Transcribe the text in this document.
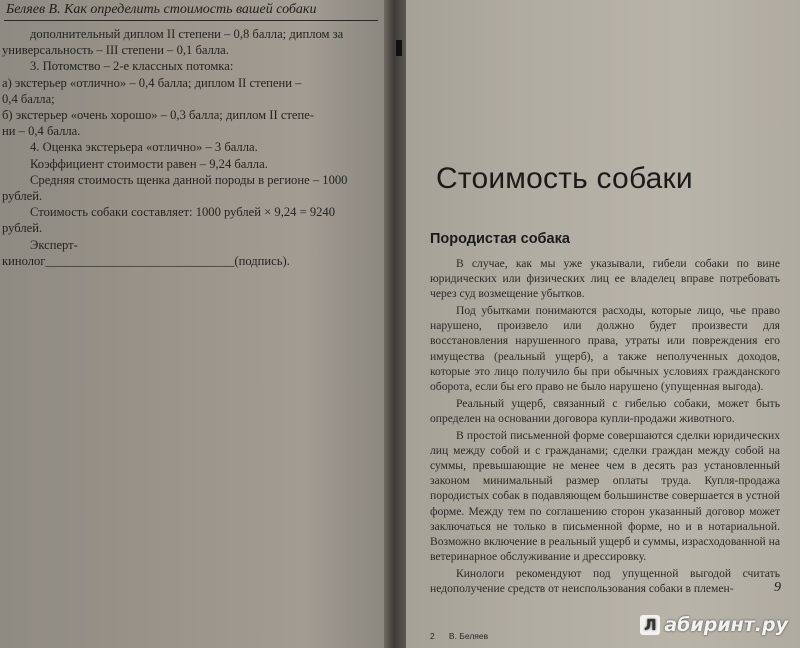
Беляев В. Как определить стоимость вашей собаки

дополнительный диплом II степени – 0,8 балла; диплом за

универсальность – III степени – 0,1 балла.

3. Потомство – 2-е классных потомка:

а) экстерьер «отлично» – 0,4 балла; диплом II степени –

0,4 балла;

б) экстерьер «очень хорошо» – 0,3 балла; диплом II степе-

ни – 0,4 балла.

4. Оценка экстерьера «отлично» – 3 балла.

Коэффициент стоимости равен – 9,24 балла.

Средняя стоимость щенка данной породы в регионе – 1000

рублей.

Стоимость собаки составляет: 1000 рублей × 9,24 = 9240

рублей.

Эксперт-кинолог______________________________(подпись).

Стоимость собаки
Породистая собака

В случае, как мы уже указывали, гибели собаки по вине юридических или физических лиц ее владелец вправе потребовать через суд возмещение убытков.

Под убытками понимаются расходы, которые лицо, чье право нарушено, произвело или должно будет произвести для восстановления нарушенного права, утраты или повреждения его имущества (реальный ущерб), а также неполученных доходов, которые это лицо получило бы при обычных условиях гражданского оборота, если бы его право не было нарушено (упущенная выгода).

Реальный ущерб, связанный с гибелью собаки, может быть определен на основании договора купли-продажи животного.

В простой письменной форме совершаются сделки юридических лиц между собой и с гражданами; сделки граждан между собой на суммы, превышающие не менее чем в десять раз установленный законом минимальный размер оплаты труда. Купля-продажа породистых собак в подавляющем большинстве совершается в устной форме. Между тем по соглашению сторон указанный договор может заключаться не только в письменной форме, но и в нотариальной. Возможно включение в реальный ущерб и суммы, израсходованной на ветеринарное обслуживание и дрессировку.

Кинологи рекомендуют под упущенной выгодой считать недополучение средств от неиспользования собаки в племен-	9
2 В. Беляев
Л абиринт.ру
